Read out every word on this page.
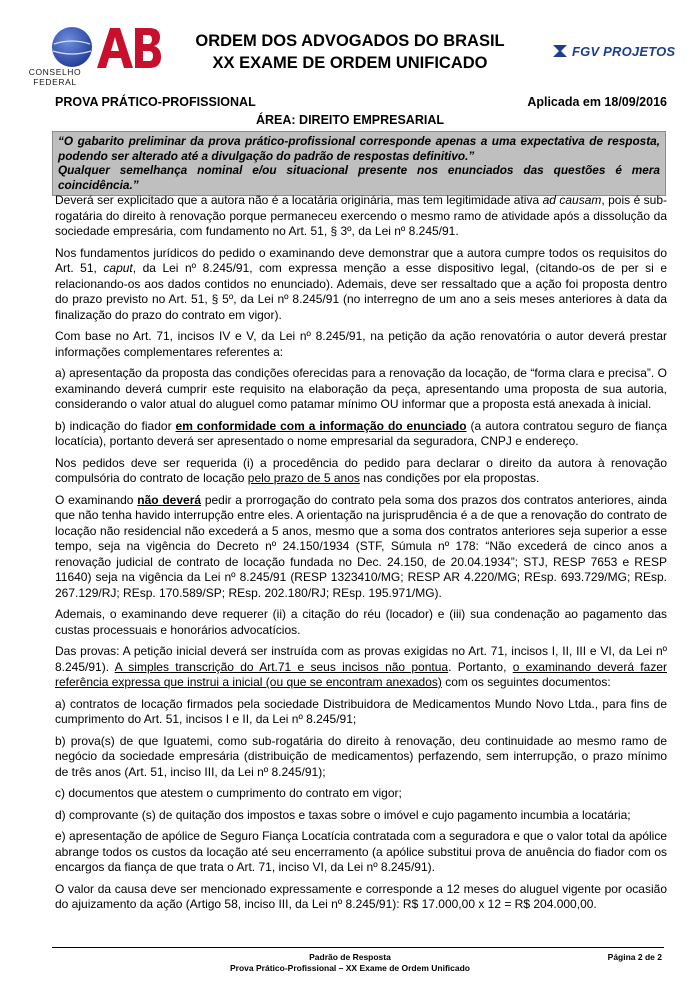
CONSELHO FEDERAL
ORDEM DOS ADVOGADOS DO BRASIL
XX EXAME DE ORDEM UNIFICADO
FGV PROJETOS
PROVA PRÁTICO-PROFISSIONAL	Aplicada em 18/09/2016
ÁREA: DIREITO EMPRESARIAL
“O gabarito preliminar da prova prático-profissional corresponde apenas a uma expectativa de resposta, podendo ser alterado até a divulgação do padrão de respostas definitivo.”
Qualquer semelhança nominal e/ou situacional presente nos enunciados das questões é mera coincidência.”

Deverá ser explicitado que a autora não é a locatária originária, mas tem legitimidade ativa ad causam, pois é sub-rogatária do direito à renovação porque permaneceu exercendo o mesmo ramo de atividade após a dissolução da sociedade empresária, com fundamento no Art. 51, § 3º, da Lei nº 8.245/91.

Nos fundamentos jurídicos do pedido o examinando deve demonstrar que a autora cumpre todos os requisitos do Art. 51, caput, da Lei nº 8.245/91, com expressa menção a esse dispositivo legal, (citando-os de per si e relacionando-os aos dados contidos no enunciado). Ademais, deve ser ressaltado que a ação foi proposta dentro do prazo previsto no Art. 51, § 5º, da Lei nº 8.245/91 (no interregno de um ano a seis meses anteriores à data da finalização do prazo do contrato em vigor).

Com base no Art. 71, incisos IV e V, da Lei nº 8.245/91, na petição da ação renovatória o autor deverá prestar informações complementares referentes a:

a) apresentação da proposta das condições oferecidas para a renovação da locação, de “forma clara e precisa”. O examinando deverá cumprir este requisito na elaboração da peça, apresentando uma proposta de sua autoria, considerando o valor atual do aluguel como patamar mínimo OU informar que a proposta está anexada à inicial.

b) indicação do fiador em conformidade com a informação do enunciado (a autora contratou seguro de fiança locatícia), portanto deverá ser apresentado o nome empresarial da seguradora, CNPJ e endereço.

Nos pedidos deve ser requerida (i) a procedência do pedido para declarar o direito da autora à renovação compulsória do contrato de locação pelo prazo de 5 anos nas condições por ela propostas.

O examinando não deverá pedir a prorrogação do contrato pela soma dos prazos dos contratos anteriores, ainda que não tenha havido interrupção entre eles. A orientação na jurisprudência é a de que a renovação do contrato de locação não residencial não excederá a 5 anos, mesmo que a soma dos contratos anteriores seja superior a esse tempo, seja na vigência do Decreto nº 24.150/1934 (STF, Súmula nº 178: “Não excederá de cinco anos a renovação judicial de contrato de locação fundada no Dec. 24.150, de 20.04.1934”; STJ, RESP 7653 e RESP 11640) seja na vigência da Lei nº 8.245/91 (RESP 1323410/MG; RESP AR 4.220/MG; REsp. 693.729/MG; REsp. 267.129/RJ; REsp. 170.589/SP; REsp. 202.180/RJ; REsp. 195.971/MG).

Ademais, o examinando deve requerer (ii) a citação do réu (locador) e (iii) sua condenação ao pagamento das custas processuais e honorários advocatícios.

Das provas: A petição inicial deverá ser instruída com as provas exigidas no Art. 71, incisos I, II, III e VI, da Lei nº 8.245/91). A simples transcrição do Art.71 e seus incisos não pontua. Portanto, o examinando deverá fazer referência expressa que instrui a inicial (ou que se encontram anexados) com os seguintes documentos:

a) contratos de locação firmados pela sociedade Distribuidora de Medicamentos Mundo Novo Ltda., para fins de cumprimento do Art. 51, incisos I e II, da Lei nº 8.245/91;

b) prova(s) de que Iguatemi, como sub-rogatária do direito à renovação, deu continuidade ao mesmo ramo de negócio da sociedade empresária (distribuição de medicamentos) perfazendo, sem interrupção, o prazo mínimo de três anos (Art. 51, inciso III, da Lei nº 8.245/91);

c) documentos que atestem o cumprimento do contrato em vigor;

d) comprovante (s) de quitação dos impostos e taxas sobre o imóvel e cujo pagamento incumbia a locatária;

e) apresentação de apólice de Seguro Fiança Locatícia contratada com a seguradora e que o valor total da apólice abrange todos os custos da locação até seu encerramento (a apólice substitui prova de anuência do fiador com os encargos da fiança de que trata o Art. 71, inciso VI, da Lei nº 8.245/91).

O valor da causa deve ser mencionado expressamente e corresponde a 12 meses do aluguel vigente por ocasião do ajuizamento da ação (Artigo 58, inciso III, da Lei nº 8.245/91): R$ 17.000,00 x 12 = R$ 204.000,00.

Padrão de Resposta
Prova Prático-Profissional – XX Exame de Ordem Unificado
Página 2 de 2
